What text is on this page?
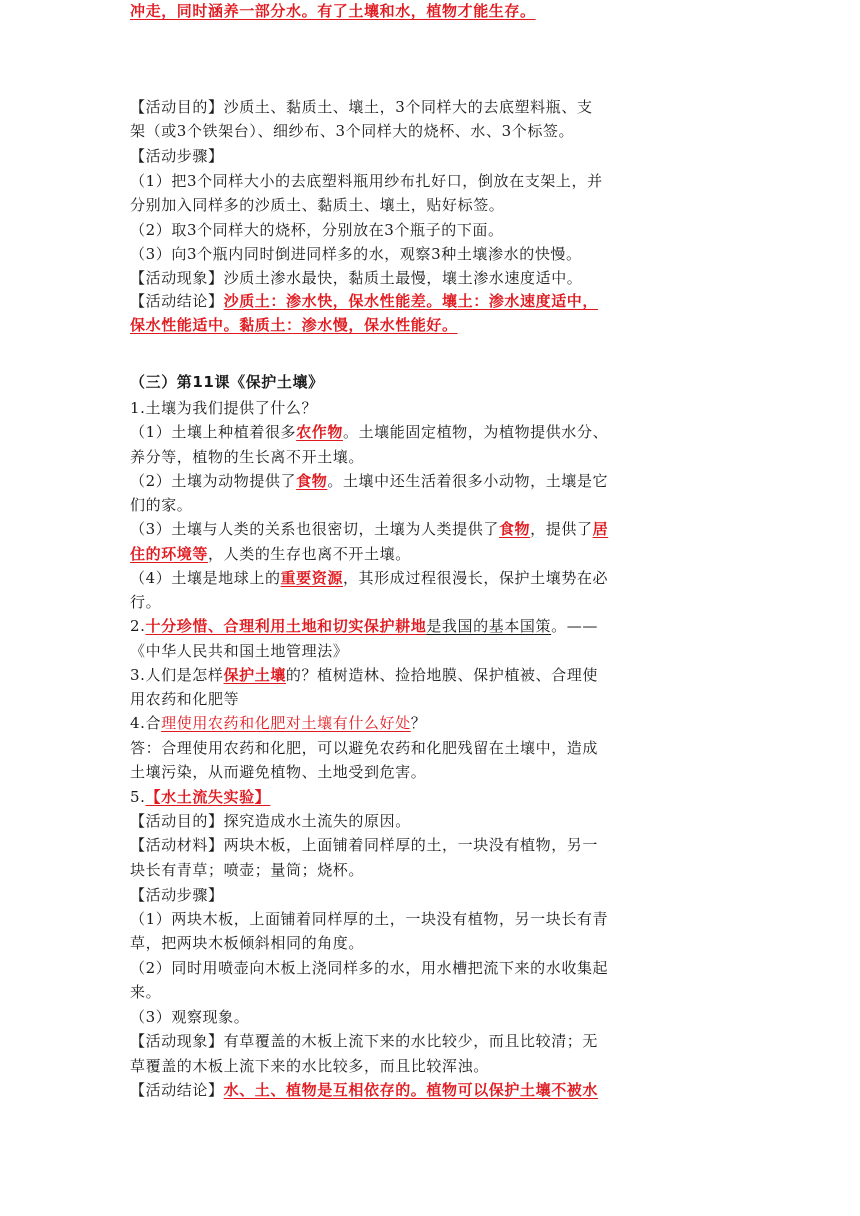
【活动目的】沙质土、黏质土、壤土，3个同样大的去底塑料瓶、支
架（或3个铁架台）、细纱布、3个同样大的烧杯、水、3个标签。
【活动步骤】
（1）把3个同样大小的去底塑料瓶用纱布扎好口，倒放在支架上，并
分别加入同样多的沙质土、黏质土、壤土，贴好标签。
（2）取3个同样大的烧杯，分别放在3个瓶子的下面。
（3）向3个瓶内同时倒进同样多的水，观察3种土壤渗水的快慢。
【活动现象】沙质土渗水最快，黏质土最慢，壤土渗水速度适中。
【活动结论】沙质土：渗水快，保水性能差。壤土：渗水速度适中，
保水性能适中。黏质土：渗水慢，保水性能好。
（三）第11课《保护土壤》
1.土壤为我们提供了什么？
（1）土壤上种植着很多农作物。土壤能固定植物，为植物提供水分、
养分等，植物的生长离不开土壤。
（2）土壤为动物提供了食物。土壤中还生活着很多小动物，土壤是它
们的家。
（3）土壤与人类的关系也很密切，土壤为人类提供了食物，提供了居
住的环境等，人类的生存也离不开土壤。
（4）土壤是地球上的重要资源，其形成过程很漫长，保护土壤势在必
行。
2.十分珍惜、合理利用土地和切实保护耕地是我国的基本国策。——
《中华人民共和国土地管理法》
3.人们是怎样保护土壤的？植树造林、捡拾地膜、保护植被、合理使
用农药和化肥等
4.合理使用农药和化肥对土壤有什么好处？
答：合理使用农药和化肥，可以避免农药和化肥残留在土壤中，造成
土壤污染，从而避免植物、土地受到危害。
5.【水土流失实验】
【活动目的】探究造成水土流失的原因。
【活动材料】两块木板，上面铺着同样厚的土，一块没有植物，另一
块长有青草；喷壶；量筒；烧杯。
【活动步骤】
（1）两块木板，上面铺着同样厚的土，一块没有植物，另一块长有青
草，把两块木板倾斜相同的角度。
（2）同时用喷壶向木板上浇同样多的水，用水槽把流下来的水收集起
来。
（3）观察现象。
【活动现象】有草覆盖的木板上流下来的水比较少，而且比较清；无
草覆盖的木板上流下来的水比较多，而且比较浑浊。
【活动结论】水、土、植物是互相依存的。植物可以保护土壤不被水
冲走，同时涵养一部分水。有了土壤和水，植物才能生存。
